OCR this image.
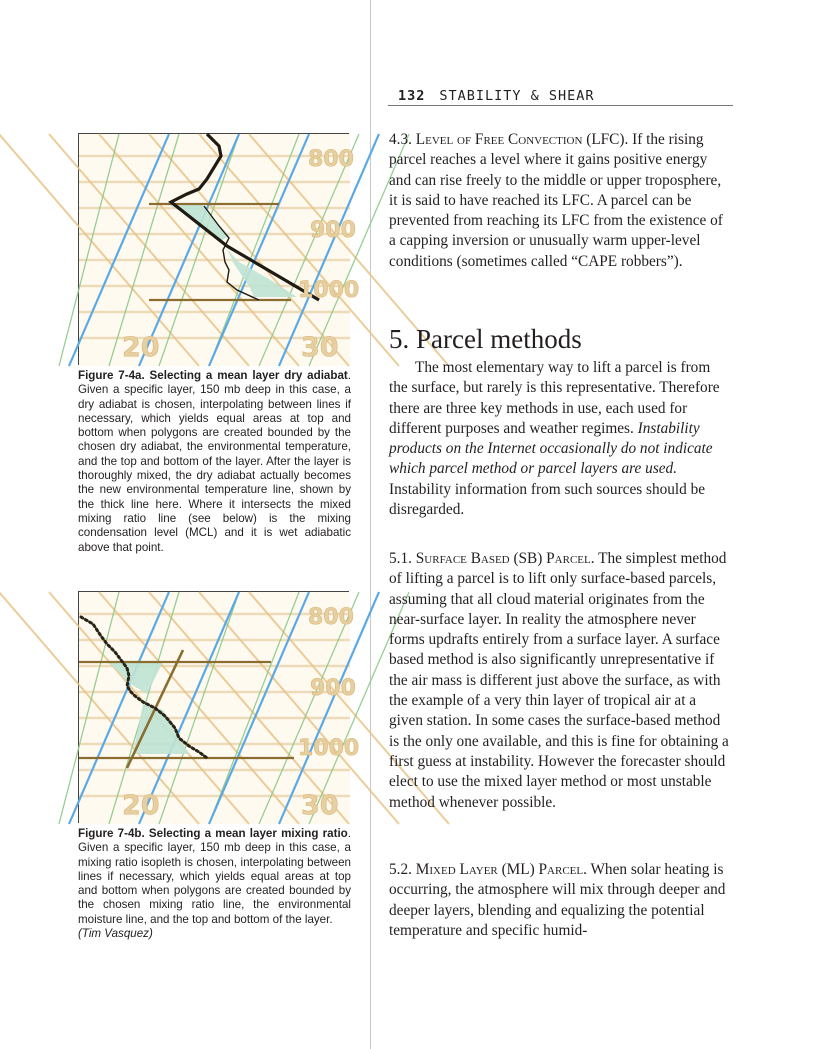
132 STABILITY & SHEAR
800
900
1000
20	30
Figure 7-4a. Selecting a mean layer dry adiabat. Given a specific layer, 150 mb deep in this case, a dry adiabat is chosen, interpolating between lines if necessary, which yields equal areas at top and bottom when polygons are created bounded by the chosen dry adiabat, the environmental temperature, and the top and bottom of the layer. After the layer is thoroughly mixed, the dry adiabat actually becomes the new environmental temperature line, shown by the thick line here. Where it intersects the mixed mixing ratio line (see below) is the mixing condensation level (MCL) and it is wet adiabatic above that point.
800
900
1000
20	30
Figure 7-4b. Selecting a mean layer mixing ratio. Given a specific layer, 150 mb deep in this case, a mixing ratio isopleth is chosen, interpolating between lines if necessary, which yields equal areas at top and bottom when polygons are created bounded by the chosen mixing ratio line, the environmental moisture line, and the top and bottom of the layer.
(Tim Vasquez)

4.3. Level of Free Convection (LFC). If the rising parcel reaches a level where it gains positive energy and can rise freely to the middle or upper troposphere, it is said to have reached its LFC. A parcel can be prevented from reaching its LFC from the existence of a capping inversion or unusually warm upper-level conditions (sometimes called “CAPE robbers”).

5. Parcel methods

The most elementary way to lift a parcel is from the surface, but rarely is this representative. Therefore there are three key methods in use, each used for different purposes and weather regimes. Instability products on the Internet occasionally do not indicate which parcel method or parcel layers are used. Instability information from such sources should be disregarded.

5.1. Surface Based (SB) Parcel. The simplest method of lifting a parcel is to lift only surface-based parcels, assuming that all cloud material originates from the near-surface layer. In reality the atmosphere never forms updrafts entirely from a surface layer. A surface based method is also significantly unrepresentative if the air mass is different just above the surface, as with the example of a very thin layer of tropical air at a given station. In some cases the surface-based method is the only one available, and this is fine for obtaining a first guess at instability. However the forecaster should elect to use the mixed layer method or most unstable method whenever possible.

5.2. Mixed Layer (ML) Parcel. When solar heating is occurring, the atmosphere will mix through deeper and deeper layers, blending and equalizing the potential temperature and specific humid-
